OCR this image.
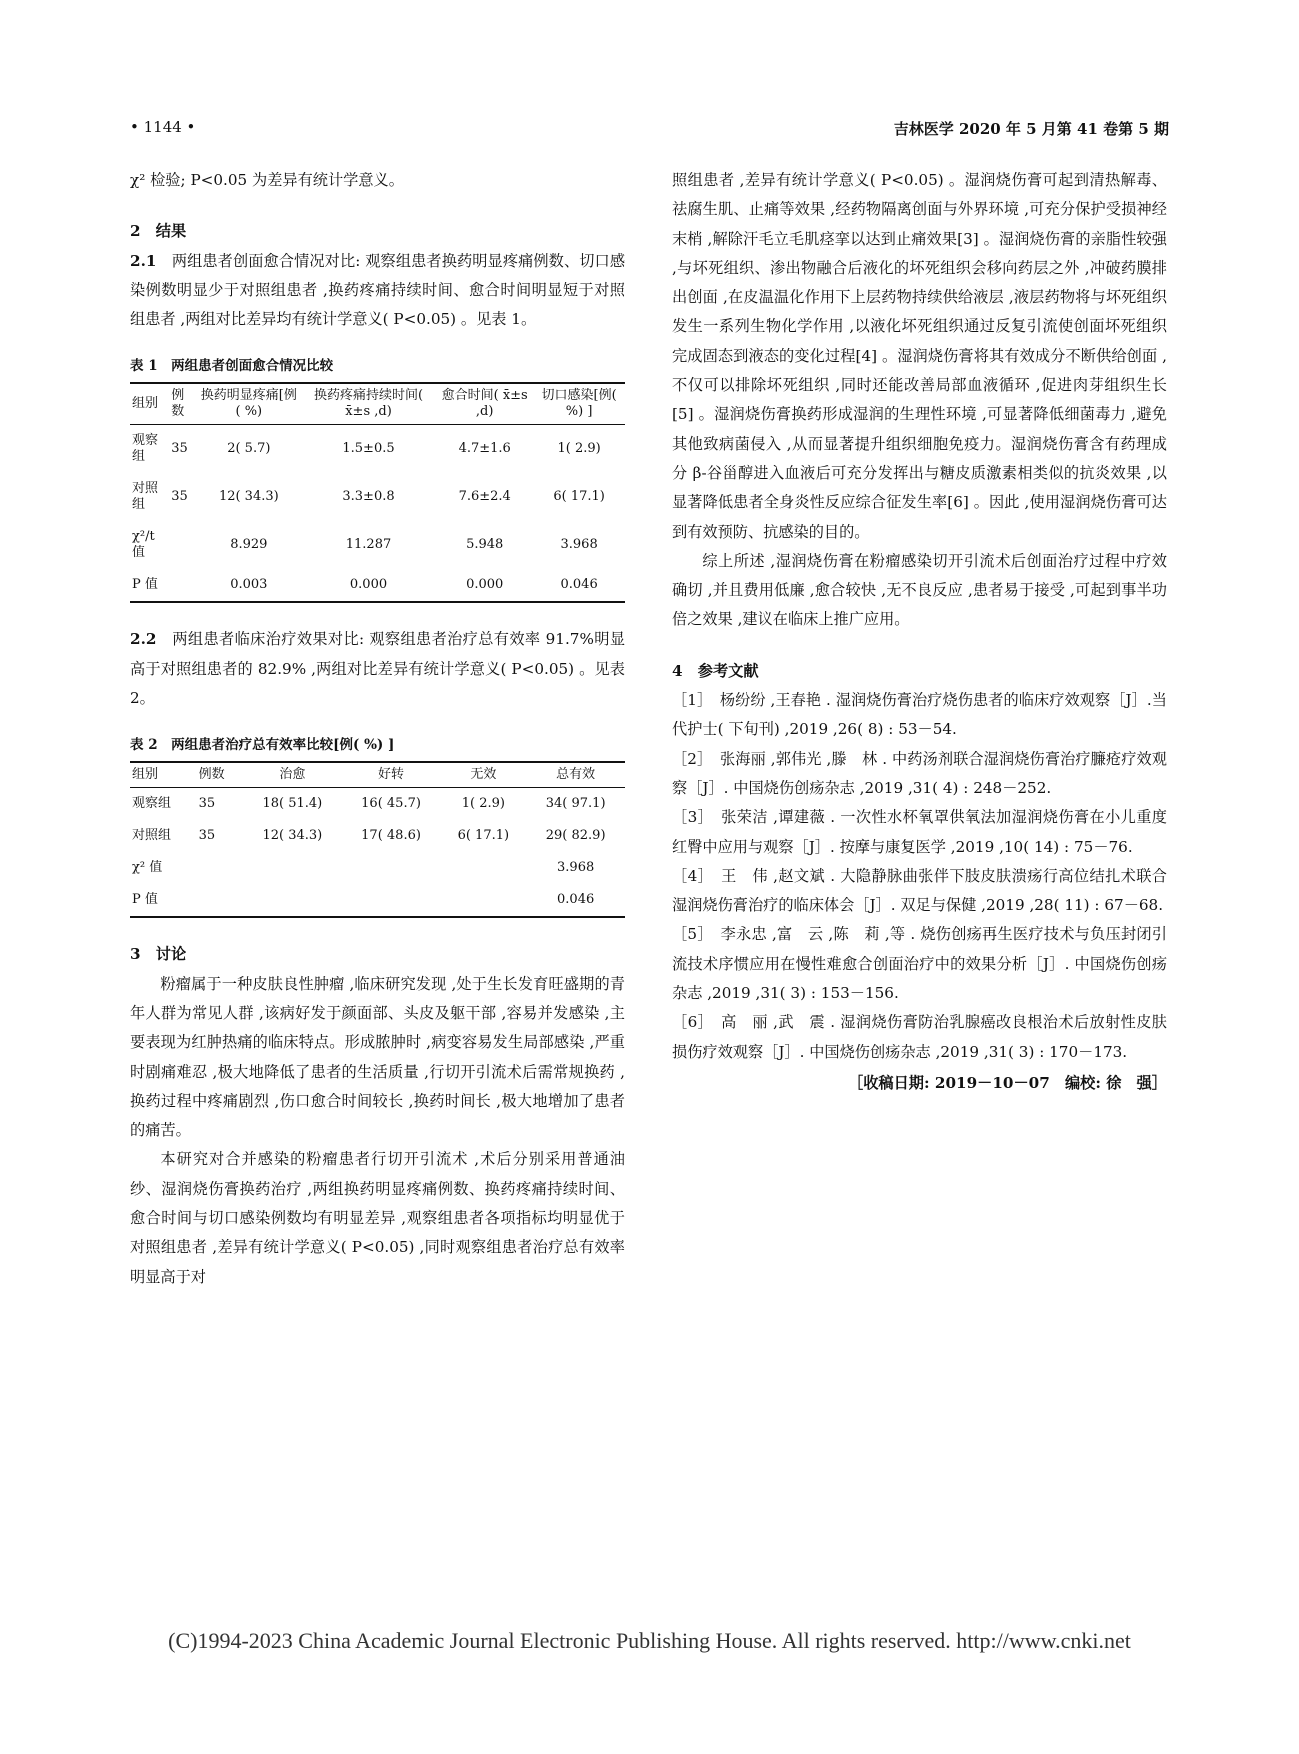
• 1144 •	吉林医学 2020 年 5 月第 41 卷第 5 期

χ² 检验; P<0.05 为差异有统计学意义。

2　结果

2.1　 两组患者创面愈合情况对比: 观察组患者换药明显疼痛例数、切口感染例数明显少于对照组患者 ,换药疼痛持续时间、愈合时间明显短于对照组患者 ,两组对比差异均有统计学意义( P<0.05) 。见表 1。

表 1　两组患者创面愈合情况比较
组别	例数	换药明显疼痛[例( %)	换药疼痛持续时间( x̄±s ,d)	愈合时间( x̄±s ,d)	切口感染[例( %) ]
观察组	35	2( 5.7)	1.5±0.5	4.7±1.6	1( 2.9)
对照组	35	12( 34.3)	3.3±0.8	7.6±2.4	6( 17.1)
χ²/t 值		8.929	11.287	5.948	3.968
P 值		0.003	0.000	0.000	0.046

2.2　 两组患者临床治疗效果对比: 观察组患者治疗总有效率 91.7%明显高于对照组患者的 82.9% ,两组对比差异有统计学意义( P<0.05) 。见表 2。

表 2　两组患者治疗总有效率比较[例( %) ]
组别	例数	治愈	好转	无效	总有效
观察组	35	18( 51.4)	16( 45.7)	1( 2.9)	34( 97.1)
对照组	35	12( 34.3)	17( 48.6)	6( 17.1)	29( 82.9)
χ² 值					3.968
P 值					0.046

3　讨论

粉瘤属于一种皮肤良性肿瘤 ,临床研究发现 ,处于生长发育旺盛期的青年人群为常见人群 ,该病好发于颜面部、头皮及躯干部 ,容易并发感染 ,主要表现为红肿热痛的临床特点。形成脓肿时 ,病变容易发生局部感染 ,严重时剧痛难忍 ,极大地降低了患者的生活质量 ,行切开引流术后需常规换药 ,换药过程中疼痛剧烈 ,伤口愈合时间较长 ,换药时间长 ,极大地增加了患者的痛苦。

本研究对合并感染的粉瘤患者行切开引流术 ,术后分别采用普通油纱、湿润烧伤膏换药治疗 ,两组换药明显疼痛例数、换药疼痛持续时间、愈合时间与切口感染例数均有明显差异 ,观察组患者各项指标均明显优于对照组患者 ,差异有统计学意义( P<0.05) ,同时观察组患者治疗总有效率明显高于对

照组患者 ,差异有统计学意义( P<0.05) 。湿润烧伤膏可起到清热解毒、祛腐生肌、止痛等效果 ,经药物隔离创面与外界环境 ,可充分保护受损神经末梢 ,解除汗毛立毛肌痉挛以达到止痛效果[3] 。湿润烧伤膏的亲脂性较强 ,与坏死组织、渗出物融合后液化的坏死组织会移向药层之外 ,冲破药膜排出创面 ,在皮温温化作用下上层药物持续供给液层 ,液层药物将与坏死组织发生一系列生物化学作用 ,以液化坏死组织通过反复引流使创面坏死组织完成固态到液态的变化过程[4] 。湿润烧伤膏将其有效成分不断供给创面 ,不仅可以排除坏死组织 ,同时还能改善局部血液循环 ,促进肉芽组织生长[5] 。湿润烧伤膏换药形成湿润的生理性环境 ,可显著降低细菌毒力 ,避免其他致病菌侵入 ,从而显著提升组织细胞免疫力。湿润烧伤膏含有药理成分 β-谷甾醇进入血液后可充分发挥出与糖皮质激素相类似的抗炎效果 ,以显著降低患者全身炎性反应综合征发生率[6] 。因此 ,使用湿润烧伤膏可达到有效预防、抗感染的目的。

综上所述 ,湿润烧伤膏在粉瘤感染切开引流术后创面治疗过程中疗效确切 ,并且费用低廉 ,愈合较快 ,无不良反应 ,患者易于接受 ,可起到事半功倍之效果 ,建议在临床上推广应用。

4　参考文献

［1］　杨纷纷 ,王春艳 . 湿润烧伤膏治疗烧伤患者的临床疗效观察［J］.当代护士( 下旬刊) ,2019 ,26( 8) : 53－54.

［2］　张海丽 ,郭伟光 ,滕　林 . 中药汤剂联合湿润烧伤膏治疗臁疮疗效观察［J］. 中国烧伤创疡杂志 ,2019 ,31( 4) : 248－252.

［3］　张荣洁 ,谭建薇 . 一次性水杯氧罩供氧法加湿润烧伤膏在小儿重度红臀中应用与观察［J］. 按摩与康复医学 ,2019 ,10( 14) : 75－76.

［4］　王　伟 ,赵文斌 . 大隐静脉曲张伴下肢皮肤溃疡行高位结扎术联合湿润烧伤膏治疗的临床体会［J］. 双足与保健 ,2019 ,28( 11) : 67－68.

［5］　李永忠 ,富　云 ,陈　莉 ,等 . 烧伤创疡再生医疗技术与负压封闭引流技术序惯应用在慢性难愈合创面治疗中的效果分析［J］. 中国烧伤创疡杂志 ,2019 ,31( 3) : 153－156.

［6］　高　丽 ,武　震 . 湿润烧伤膏防治乳腺癌改良根治术后放射性皮肤损伤疗效观察［J］. 中国烧伤创疡杂志 ,2019 ,31( 3) : 170－173.

［收稿日期: 2019－10－07　编校: 徐　强］

(C)1994-2023 China Academic Journal Electronic Publishing House. All rights reserved. http://www.cnki.net
